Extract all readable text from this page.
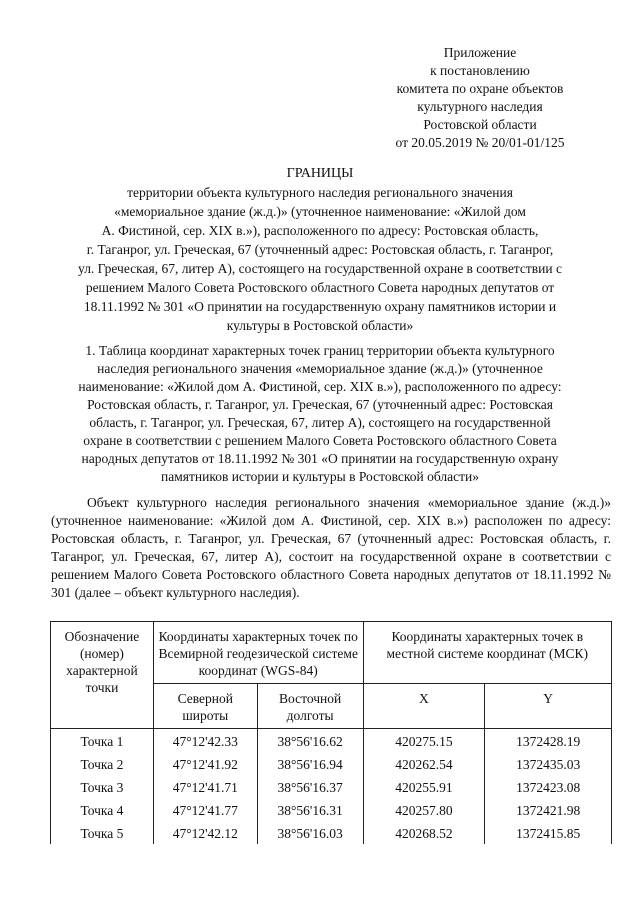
Приложение
к постановлению
комитета по охране объектов
культурного наследия
Ростовской области
от 20.05.2019 № 20/01-01/125
ГРАНИЦЫ
территории объекта культурного наследия регионального значения
«мемориальное здание (ж.д.)» (уточненное наименование: «Жилой дом
А. Фистиной, сер. XIX в.»), расположенного по адресу: Ростовская область,
г. Таганрог, ул. Греческая, 67 (уточненный адрес: Ростовская область, г. Таганрог,
ул. Греческая, 67, литер А), состоящего на государственной охране в соответствии с
решением Малого Совета Ростовского областного Совета народных депутатов от
18.11.1992 № 301 «О принятии на государственную охрану памятников истории и
культуры в Ростовской области»
1. Таблица координат характерных точек границ территории объекта культурного
наследия регионального значения «мемориальное здание (ж.д.)» (уточненное
наименование: «Жилой дом А. Фистиной, сер. XIX в.»), расположенного по адресу:
Ростовская область, г. Таганрог, ул. Греческая, 67 (уточненный адрес: Ростовская
область, г. Таганрог, ул. Греческая, 67, литер А), состоящего на государственной
охране в соответствии с решением Малого Совета Ростовского областного Совета
народных депутатов от 18.11.1992 № 301 «О принятии на государственную охрану
памятников истории и культуры в Ростовской области»
Объект культурного наследия регионального значения «мемориальное здание (ж.д.)» (уточненное наименование: «Жилой дом А. Фистиной, сер. XIX в.») расположен по адресу: Ростовская область, г. Таганрог, ул. Греческая, 67 (уточненный адрес: Ростовская область, г. Таганрог, ул. Греческая, 67, литер А), состоит на государственной охране в соответствии с решением Малого Совета Ростовского областного Совета народных депутатов от 18.11.1992 № 301 (далее – объект культурного наследия).
Обозначение (номер) характерной точки	Координаты характерных точек по Всемирной геодезической системе координат (WGS-84)		Координаты характерных точек в местной системе координат (МСК)	
	Северной широты	Восточной долготы	X	Y
Точка 1	47°12'42.33	38°56'16.62	420275.15	1372428.19
Точка 2	47°12'41.92	38°56'16.94	420262.54	1372435.03
Точка 3	47°12'41.71	38°56'16.37	420255.91	1372423.08
Точка 4	47°12'41.77	38°56'16.31	420257.80	1372421.98
Точка 5	47°12'42.12	38°56'16.03	420268.52	1372415.85
